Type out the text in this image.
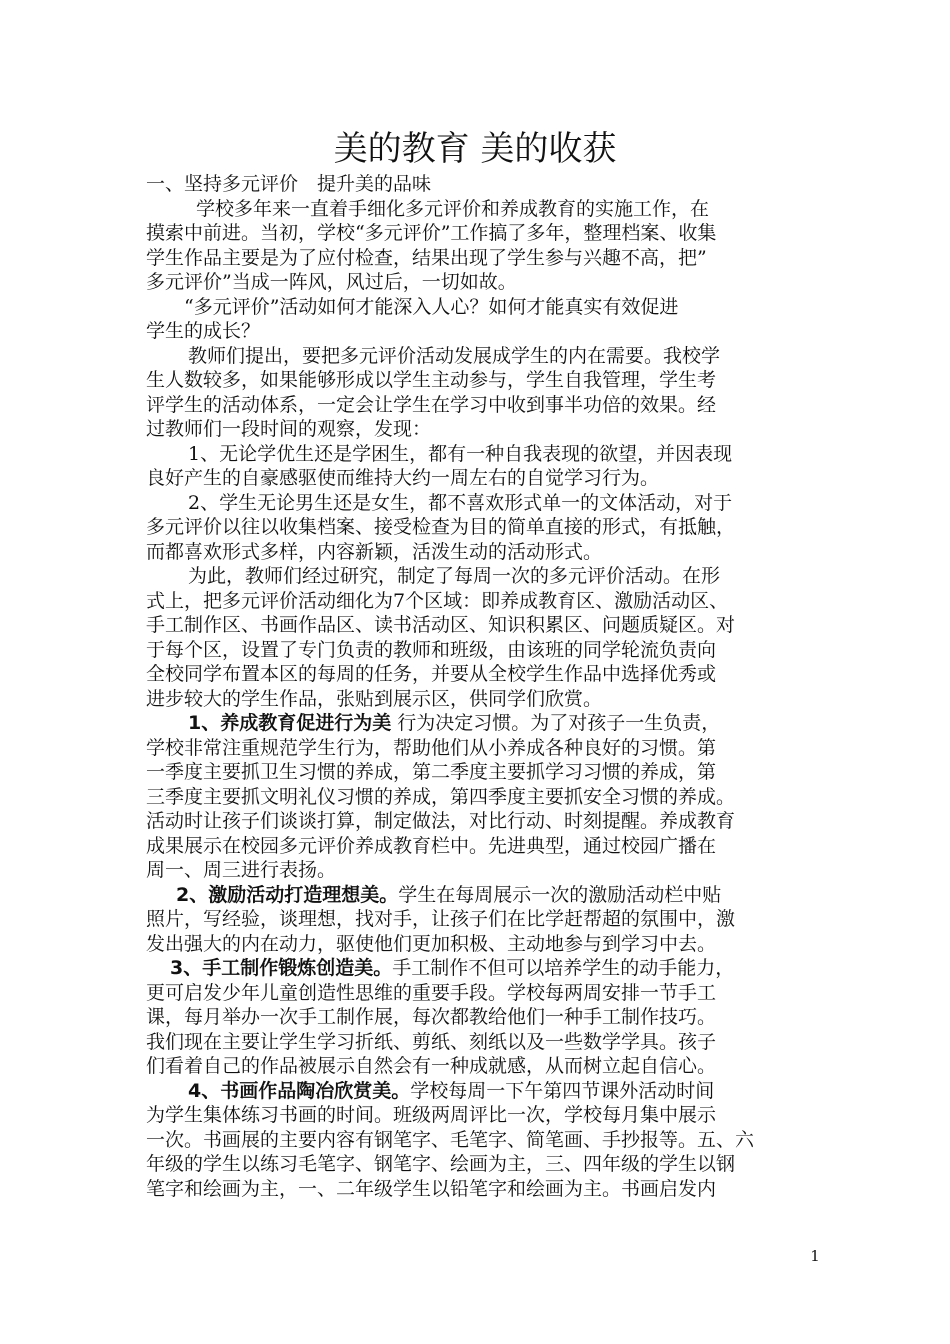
美的教育 美的收获
一、坚持多元评价　提升美的品味
学校多年来一直着手细化多元评价和养成教育的实施工作，在
摸索中前进。当初，学校“多元评价”工作搞了多年，整理档案、收集
学生作品主要是为了应付检查，结果出现了学生参与兴趣不高，把”
多元评价”当成一阵风，风过后，一切如故。
“多元评价”活动如何才能深入人心？如何才能真实有效促进
学生的成长？
教师们提出，要把多元评价活动发展成学生的内在需要。我校学
生人数较多，如果能够形成以学生主动参与，学生自我管理，学生考
评学生的活动体系，一定会让学生在学习中收到事半功倍的效果。经
过教师们一段时间的观察，发现：
1、无论学优生还是学困生，都有一种自我表现的欲望，并因表现
良好产生的自豪感驱使而维持大约一周左右的自觉学习行为。
2、学生无论男生还是女生，都不喜欢形式单一的文体活动，对于
多元评价以往以收集档案、接受检查为目的简单直接的形式，有抵触，
而都喜欢形式多样，内容新颖，活泼生动的活动形式。
为此，教师们经过研究，制定了每周一次的多元评价活动。在形
式上，把多元评价活动细化为7个区域：即养成教育区、激励活动区、
手工制作区、书画作品区、读书活动区、知识积累区、问题质疑区。对
于每个区，设置了专门负责的教师和班级，由该班的同学轮流负责向
全校同学布置本区的每周的任务，并要从全校学生作品中选择优秀或
进步较大的学生作品，张贴到展示区，供同学们欣赏。
1、养成教育促进行为美 行为决定习惯。为了对孩子一生负责，
学校非常注重规范学生行为，帮助他们从小养成各种良好的习惯。第
一季度主要抓卫生习惯的养成，第二季度主要抓学习习惯的养成，第
三季度主要抓文明礼仪习惯的养成，第四季度主要抓安全习惯的养成。
活动时让孩子们谈谈打算，制定做法，对比行动、时刻提醒。养成教育
成果展示在校园多元评价养成教育栏中。先进典型，通过校园广播在
周一、周三进行表扬。
2、激励活动打造理想美。学生在每周展示一次的激励活动栏中贴
照片，写经验，谈理想，找对手，让孩子们在比学赶帮超的氛围中，激
发出强大的内在动力，驱使他们更加积极、主动地参与到学习中去。
3、手工制作锻炼创造美。手工制作不但可以培养学生的动手能力，
更可启发少年儿童创造性思维的重要手段。学校每两周安排一节手工
课，每月举办一次手工制作展，每次都教给他们一种手工制作技巧。
我们现在主要让学生学习折纸、剪纸、刻纸以及一些数学学具。孩子
们看着自己的作品被展示自然会有一种成就感，从而树立起自信心。
4、书画作品陶冶欣赏美。学校每周一下午第四节课外活动时间
为学生集体练习书画的时间。班级两周评比一次，学校每月集中展示
一次。书画展的主要内容有钢笔字、毛笔字、简笔画、手抄报等。五、六
年级的学生以练习毛笔字、钢笔字、绘画为主，三、四年级的学生以钢
笔字和绘画为主，一、二年级学生以铅笔字和绘画为主。书画启发内
1
